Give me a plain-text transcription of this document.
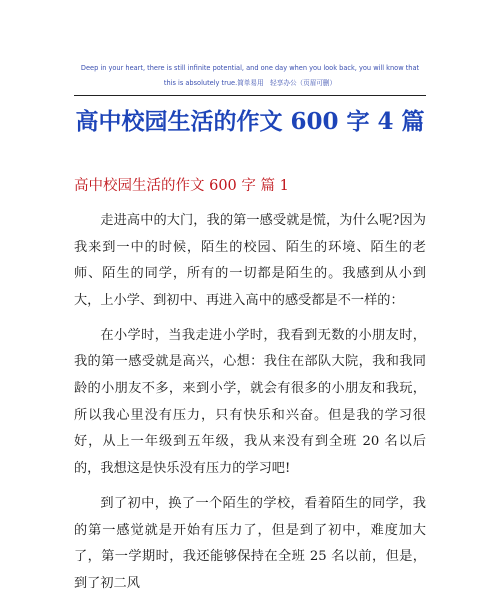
Deep in your heart, there is still infinite potential, and one day when you look back, you will know that this is absolutely true.简单易用　轻享办公（页眉可删）
高中校园生活的作文 600 字 4 篇
高中校园生活的作文 600 字 篇 1

走进高中的大门，我的第一感受就是慌，为什么呢?因为我来到一中的时候，陌生的校园、陌生的环境、陌生的老师、陌生的同学，所有的一切都是陌生的。我感到从小到大，上小学、到初中、再进入高中的感受都是不一样的：

在小学时，当我走进小学时，我看到无数的小朋友时，我的第一感受就是高兴，心想：我住在部队大院，我和我同龄的小朋友不多，来到小学，就会有很多的小朋友和我玩，所以我心里没有压力，只有快乐和兴奋。但是我的学习很好，从上一年级到五年级，我从来没有到全班 20 名以后的，我想这是快乐没有压力的学习吧!

到了初中，换了一个陌生的学校，看着陌生的同学，我的第一感觉就是开始有压力了，但是到了初中，难度加大了，第一学期时，我还能够保持在全班 25 名以前，但是，到了初二风
